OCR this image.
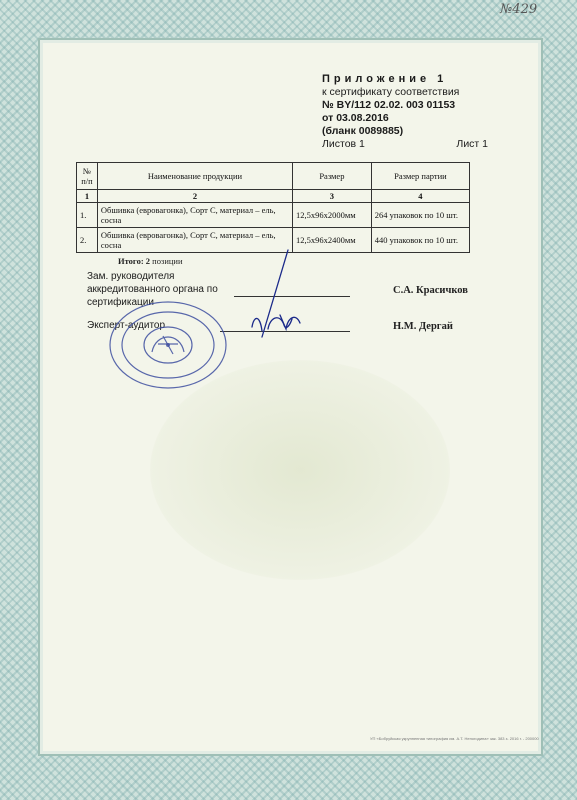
№429
Приложение 1
к сертификату соответствия
№ BY/112 02.02. 003 01153
от 03.08.2016
(бланк 0089885)
Листов 1	Лист 1
№ п/п	Наименование продукции	Размер	Размер партии
1	2	3	4
1.	Обшивка (евровагонка), Сорт С, материал – ель, сосна	12,5x96x2000мм	264 упаковок по 10 шт.
2.	Обшивка (евровагонка), Сорт С, материал – ель, сосна	12,5x96x2400мм	440 упаковок по 10 шт.
Итого: 2 позиции
Зам. руководителя аккредитованного органа по сертификации
С.А. Красичков
Эксперт-аудитор	Н.М. Дергай
УП «Бобруйская укрупненная типография им. А.Т. Непогодина» зак. 383 з. 2016 г. - 200000
